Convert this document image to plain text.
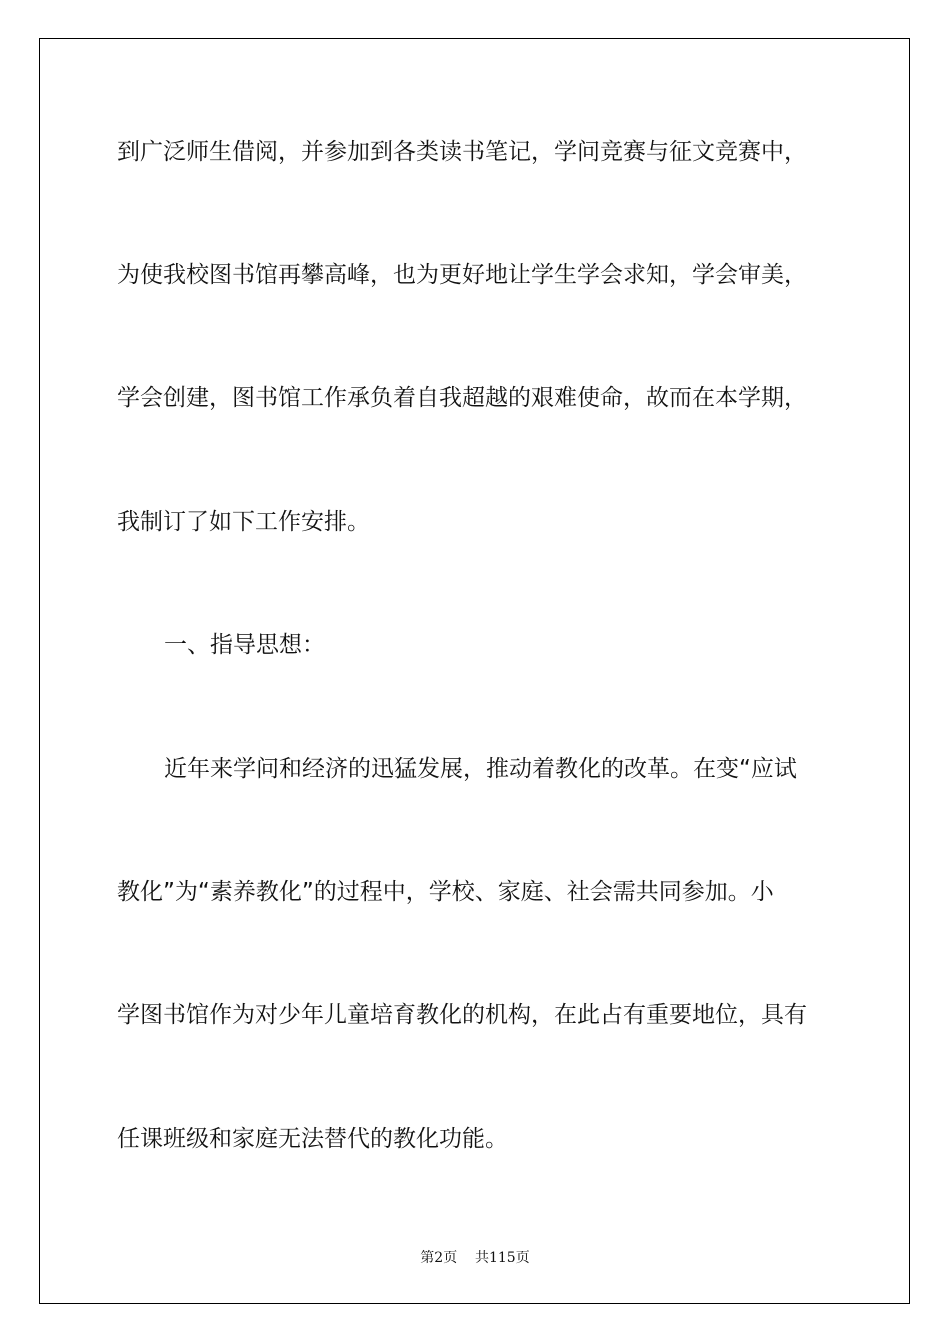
到广泛师生借阅，并参加到各类读书笔记，学问竞赛与征文竞赛中，
为使我校图书馆再攀高峰，也为更好地让学生学会求知，学会审美，
学会创建，图书馆工作承负着自我超越的艰难使命，故而在本学期，
我制订了如下工作安排。
一、指导思想：
近年来学问和经济的迅猛发展，推动着教化的改革。在变“应试
教化”为“素养教化”的过程中，学校、家庭、社会需共同参加。小
学图书馆作为对少年儿童培育教化的机构，在此占有重要地位，具有
任课班级和家庭无法替代的教化功能。
第2页    共115页
